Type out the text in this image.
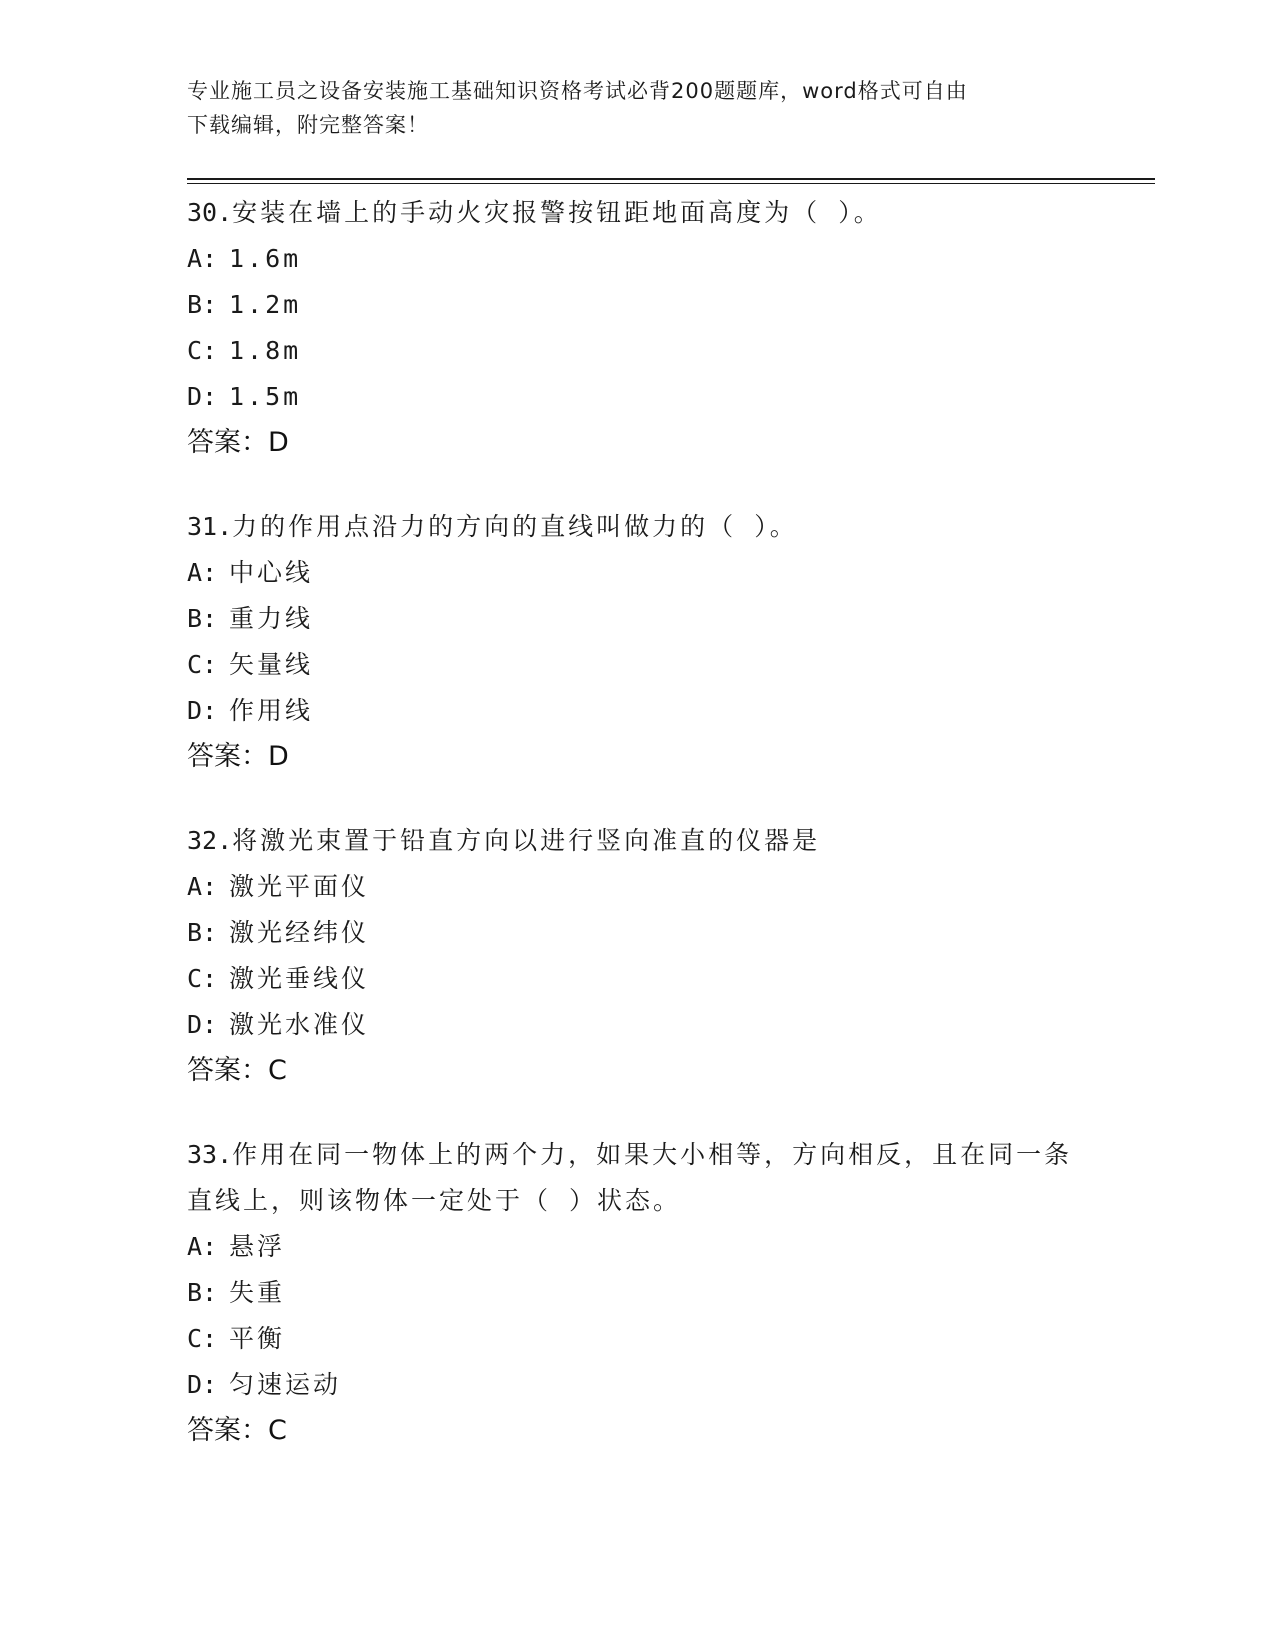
专业施工员之设备安装施工基础知识资格考试必背200题题库，word格式可自由
下载编辑，附完整答案！
30.安装在墙上的手动火灾报警按钮距地面高度为（ ）。
A: 1.6m
B: 1.2m
C: 1.8m
D: 1.5m
答案：D
31.力的作用点沿力的方向的直线叫做力的（ ）。
A: 中心线
B: 重力线
C: 矢量线
D: 作用线
答案：D
32.将激光束置于铅直方向以进行竖向准直的仪器是
A: 激光平面仪
B: 激光经纬仪
C: 激光垂线仪
D: 激光水准仪
答案：C
33.作用在同一物体上的两个力，如果大小相等，方向相反，且在同一条直线上，则该物体一定处于（ ）状态。
A: 悬浮
B: 失重
C: 平衡
D: 匀速运动
答案：C
